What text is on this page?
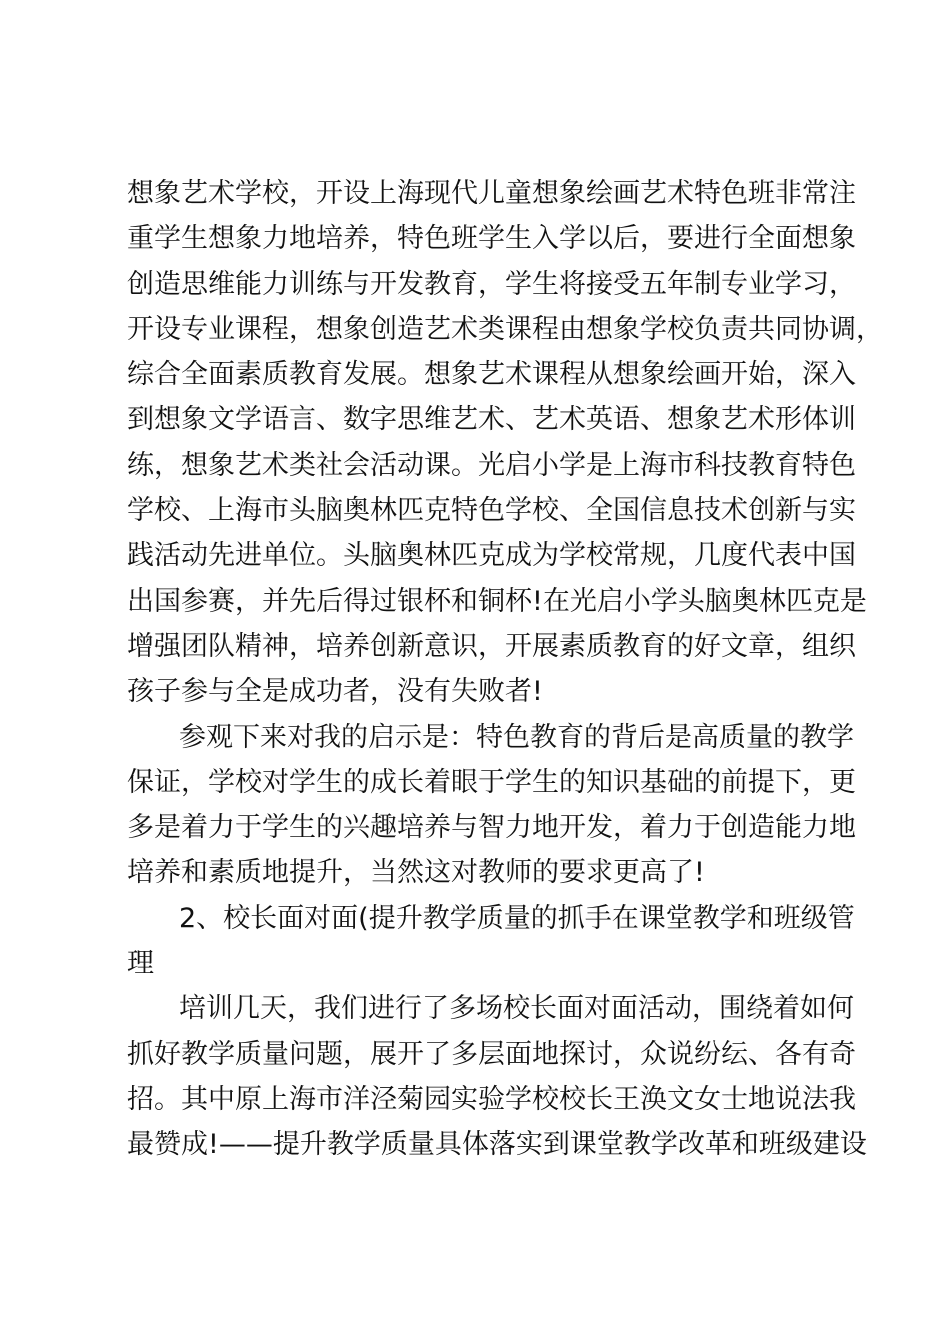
想象艺术学校，开设上海现代儿童想象绘画艺术特色班非常注
重学生想象力地培养，特色班学生入学以后，要进行全面想象
创造思维能力训练与开发教育，学生将接受五年制专业学习，
开设专业课程，想象创造艺术类课程由想象学校负责共同协调，
综合全面素质教育发展。想象艺术课程从想象绘画开始，深入
到想象文学语言、数字思维艺术、艺术英语、想象艺术形体训
练，想象艺术类社会活动课。光启小学是上海市科技教育特色
学校、上海市头脑奥林匹克特色学校、全国信息技术创新与实
践活动先进单位。头脑奥林匹克成为学校常规，几度代表中国
出国参赛，并先后得过银杯和铜杯!在光启小学头脑奥林匹克是
增强团队精神，培养创新意识，开展素质教育的好文章，组织
孩子参与全是成功者，没有失败者!
参观下来对我的启示是：特色教育的背后是高质量的教学
保证，学校对学生的成长着眼于学生的知识基础的前提下，更
多是着力于学生的兴趣培养与智力地开发，着力于创造能力地
培养和素质地提升，当然这对教师的要求更高了!
2、校长面对面(提升教学质量的抓手在课堂教学和班级管
理
培训几天，我们进行了多场校长面对面活动，围绕着如何
抓好教学质量问题，展开了多层面地探讨，众说纷纭、各有奇
招。其中原上海市洋泾菊园实验学校校长王涣文女士地说法我
最赞成!——提升教学质量具体落实到课堂教学改革和班级建设
